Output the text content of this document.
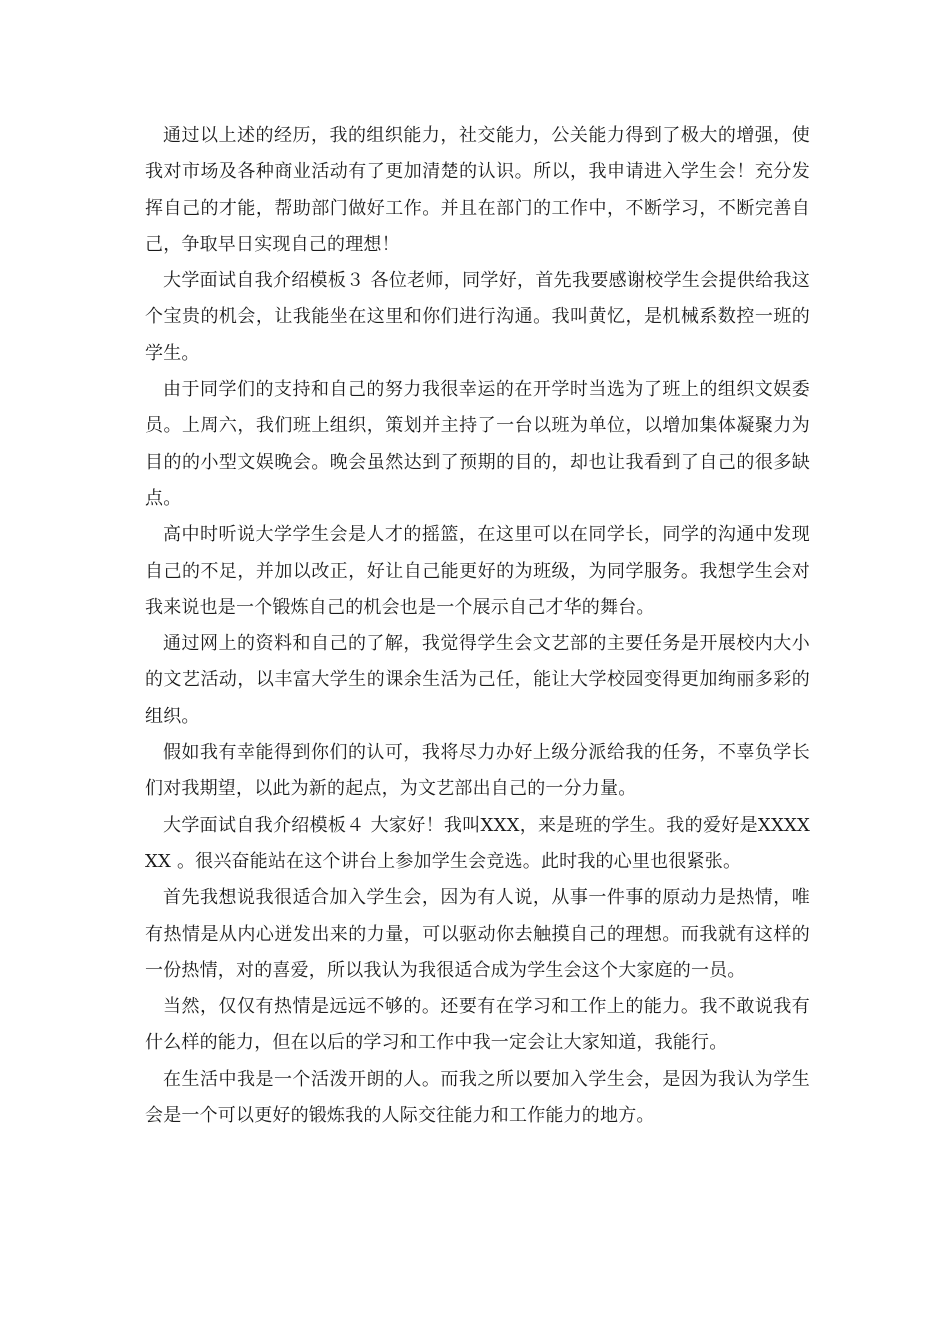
通过以上述的经历，我的组织能力，社交能力，公关能力得到了极大的增强，使我对市场及各种商业活动有了更加清楚的认识。所以，我申请进入学生会！充分发挥自己的才能，帮助部门做好工作。并且在部门的工作中，不断学习，不断完善自己，争取早日实现自己的理想！

大学面试自我介绍模板３ 各位老师，同学好，首先我要感谢校学生会提供给我这个宝贵的机会，让我能坐在这里和你们进行沟通。我叫黄忆，是机械系数控一班的学生。

由于同学们的支持和自己的努力我很幸运的在开学时当选为了班上的组织文娱委员。上周六，我们班上组织，策划并主持了一台以班为单位，以增加集体凝聚力为目的的小型文娱晚会。晚会虽然达到了预期的目的，却也让我看到了自己的很多缺点。

高中时听说大学学生会是人才的摇篮，在这里可以在同学长，同学的沟通中发现自己的不足，并加以改正，好让自己能更好的为班级，为同学服务。我想学生会对我来说也是一个锻炼自己的机会也是一个展示自己才华的舞台。

通过网上的资料和自己的了解，我觉得学生会文艺部的主要任务是开展校内大小的文艺活动，以丰富大学生的课余生活为己任，能让大学校园变得更加绚丽多彩的组织。

假如我有幸能得到你们的认可，我将尽力办好上级分派给我的任务，不辜负学长们对我期望，以此为新的起点，为文艺部出自己的一分力量。

大学面试自我介绍模板４ 大家好！我叫XXX，来是班的学生。我的爱好是XXXX XX 。很兴奋能站在这个讲台上参加学生会竞选。此时我的心里也很紧张。

首先我想说我很适合加入学生会，因为有人说，从事一件事的原动力是热情，唯有热情是从内心迸发出来的力量，可以驱动你去触摸自己的理想。而我就有这样的一份热情，对的喜爱，所以我认为我很适合成为学生会这个大家庭的一员。

当然，仅仅有热情是远远不够的。还要有在学习和工作上的能力。我不敢说我有什么样的能力，但在以后的学习和工作中我一定会让大家知道，我能行。

在生活中我是一个活泼开朗的人。而我之所以要加入学生会，是因为我认为学生会是一个可以更好的锻炼我的人际交往能力和工作能力的地方。
